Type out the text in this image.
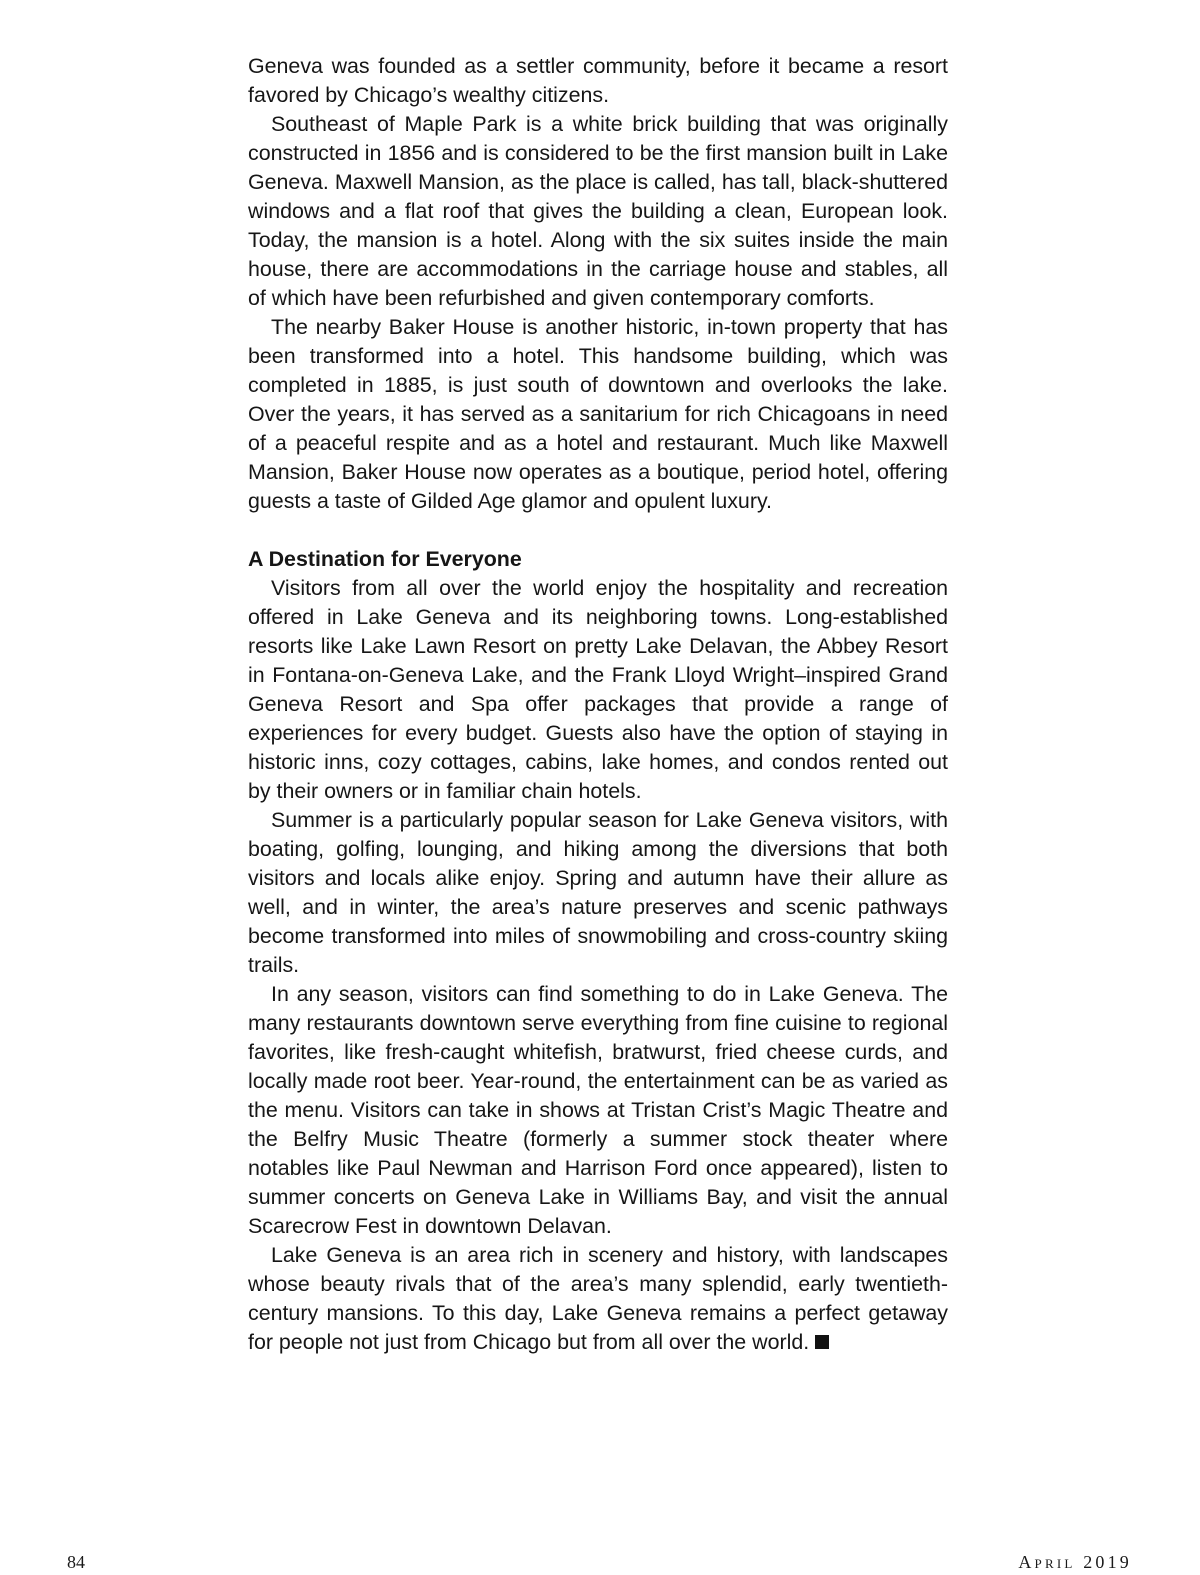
Geneva was founded as a settler community, before it became a resort favored by Chicago’s wealthy citizens.

Southeast of Maple Park is a white brick building that was originally constructed in 1856 and is considered to be the first mansion built in Lake Geneva. Maxwell Mansion, as the place is called, has tall, black-shuttered windows and a flat roof that gives the building a clean, European look. Today, the mansion is a hotel. Along with the six suites inside the main house, there are accommodations in the carriage house and stables, all of which have been refurbished and given contemporary comforts.

The nearby Baker House is another historic, in-town property that has been transformed into a hotel. This handsome building, which was completed in 1885, is just south of downtown and overlooks the lake. Over the years, it has served as a sanitarium for rich Chicagoans in need of a peaceful respite and as a hotel and restaurant. Much like Maxwell Mansion, Baker House now operates as a boutique, period hotel, offering guests a taste of Gilded Age glamor and opulent luxury.

A Destination for Everyone

Visitors from all over the world enjoy the hospitality and recreation offered in Lake Geneva and its neighboring towns. Long-established resorts like Lake Lawn Resort on pretty Lake Delavan, the Abbey Resort in Fontana-on-Geneva Lake, and the Frank Lloyd Wright–inspired Grand Geneva Resort and Spa offer packages that provide a range of experiences for every budget. Guests also have the option of staying in historic inns, cozy cottages, cabins, lake homes, and condos rented out by their owners or in familiar chain hotels.

Summer is a particularly popular season for Lake Geneva visitors, with boating, golfing, lounging, and hiking among the diversions that both visitors and locals alike enjoy. Spring and autumn have their allure as well, and in winter, the area’s nature preserves and scenic pathways become transformed into miles of snowmobiling and cross-country skiing trails.

In any season, visitors can find something to do in Lake Geneva. The many restaurants downtown serve everything from fine cuisine to regional favorites, like fresh-caught whitefish, bratwurst, fried cheese curds, and locally made root beer. Year-round, the entertainment can be as varied as the menu. Visitors can take in shows at Tristan Crist’s Magic Theatre and the Belfry Music Theatre (formerly a summer stock theater where notables like Paul Newman and Harrison Ford once appeared), listen to summer concerts on Geneva Lake in Williams Bay, and visit the annual Scarecrow Fest in downtown Delavan.

Lake Geneva is an area rich in scenery and history, with landscapes whose beauty rivals that of the area’s many splendid, early twentieth-century mansions. To this day, Lake Geneva remains a perfect getaway for people not just from Chicago but from all over the world.

84	April 2019
